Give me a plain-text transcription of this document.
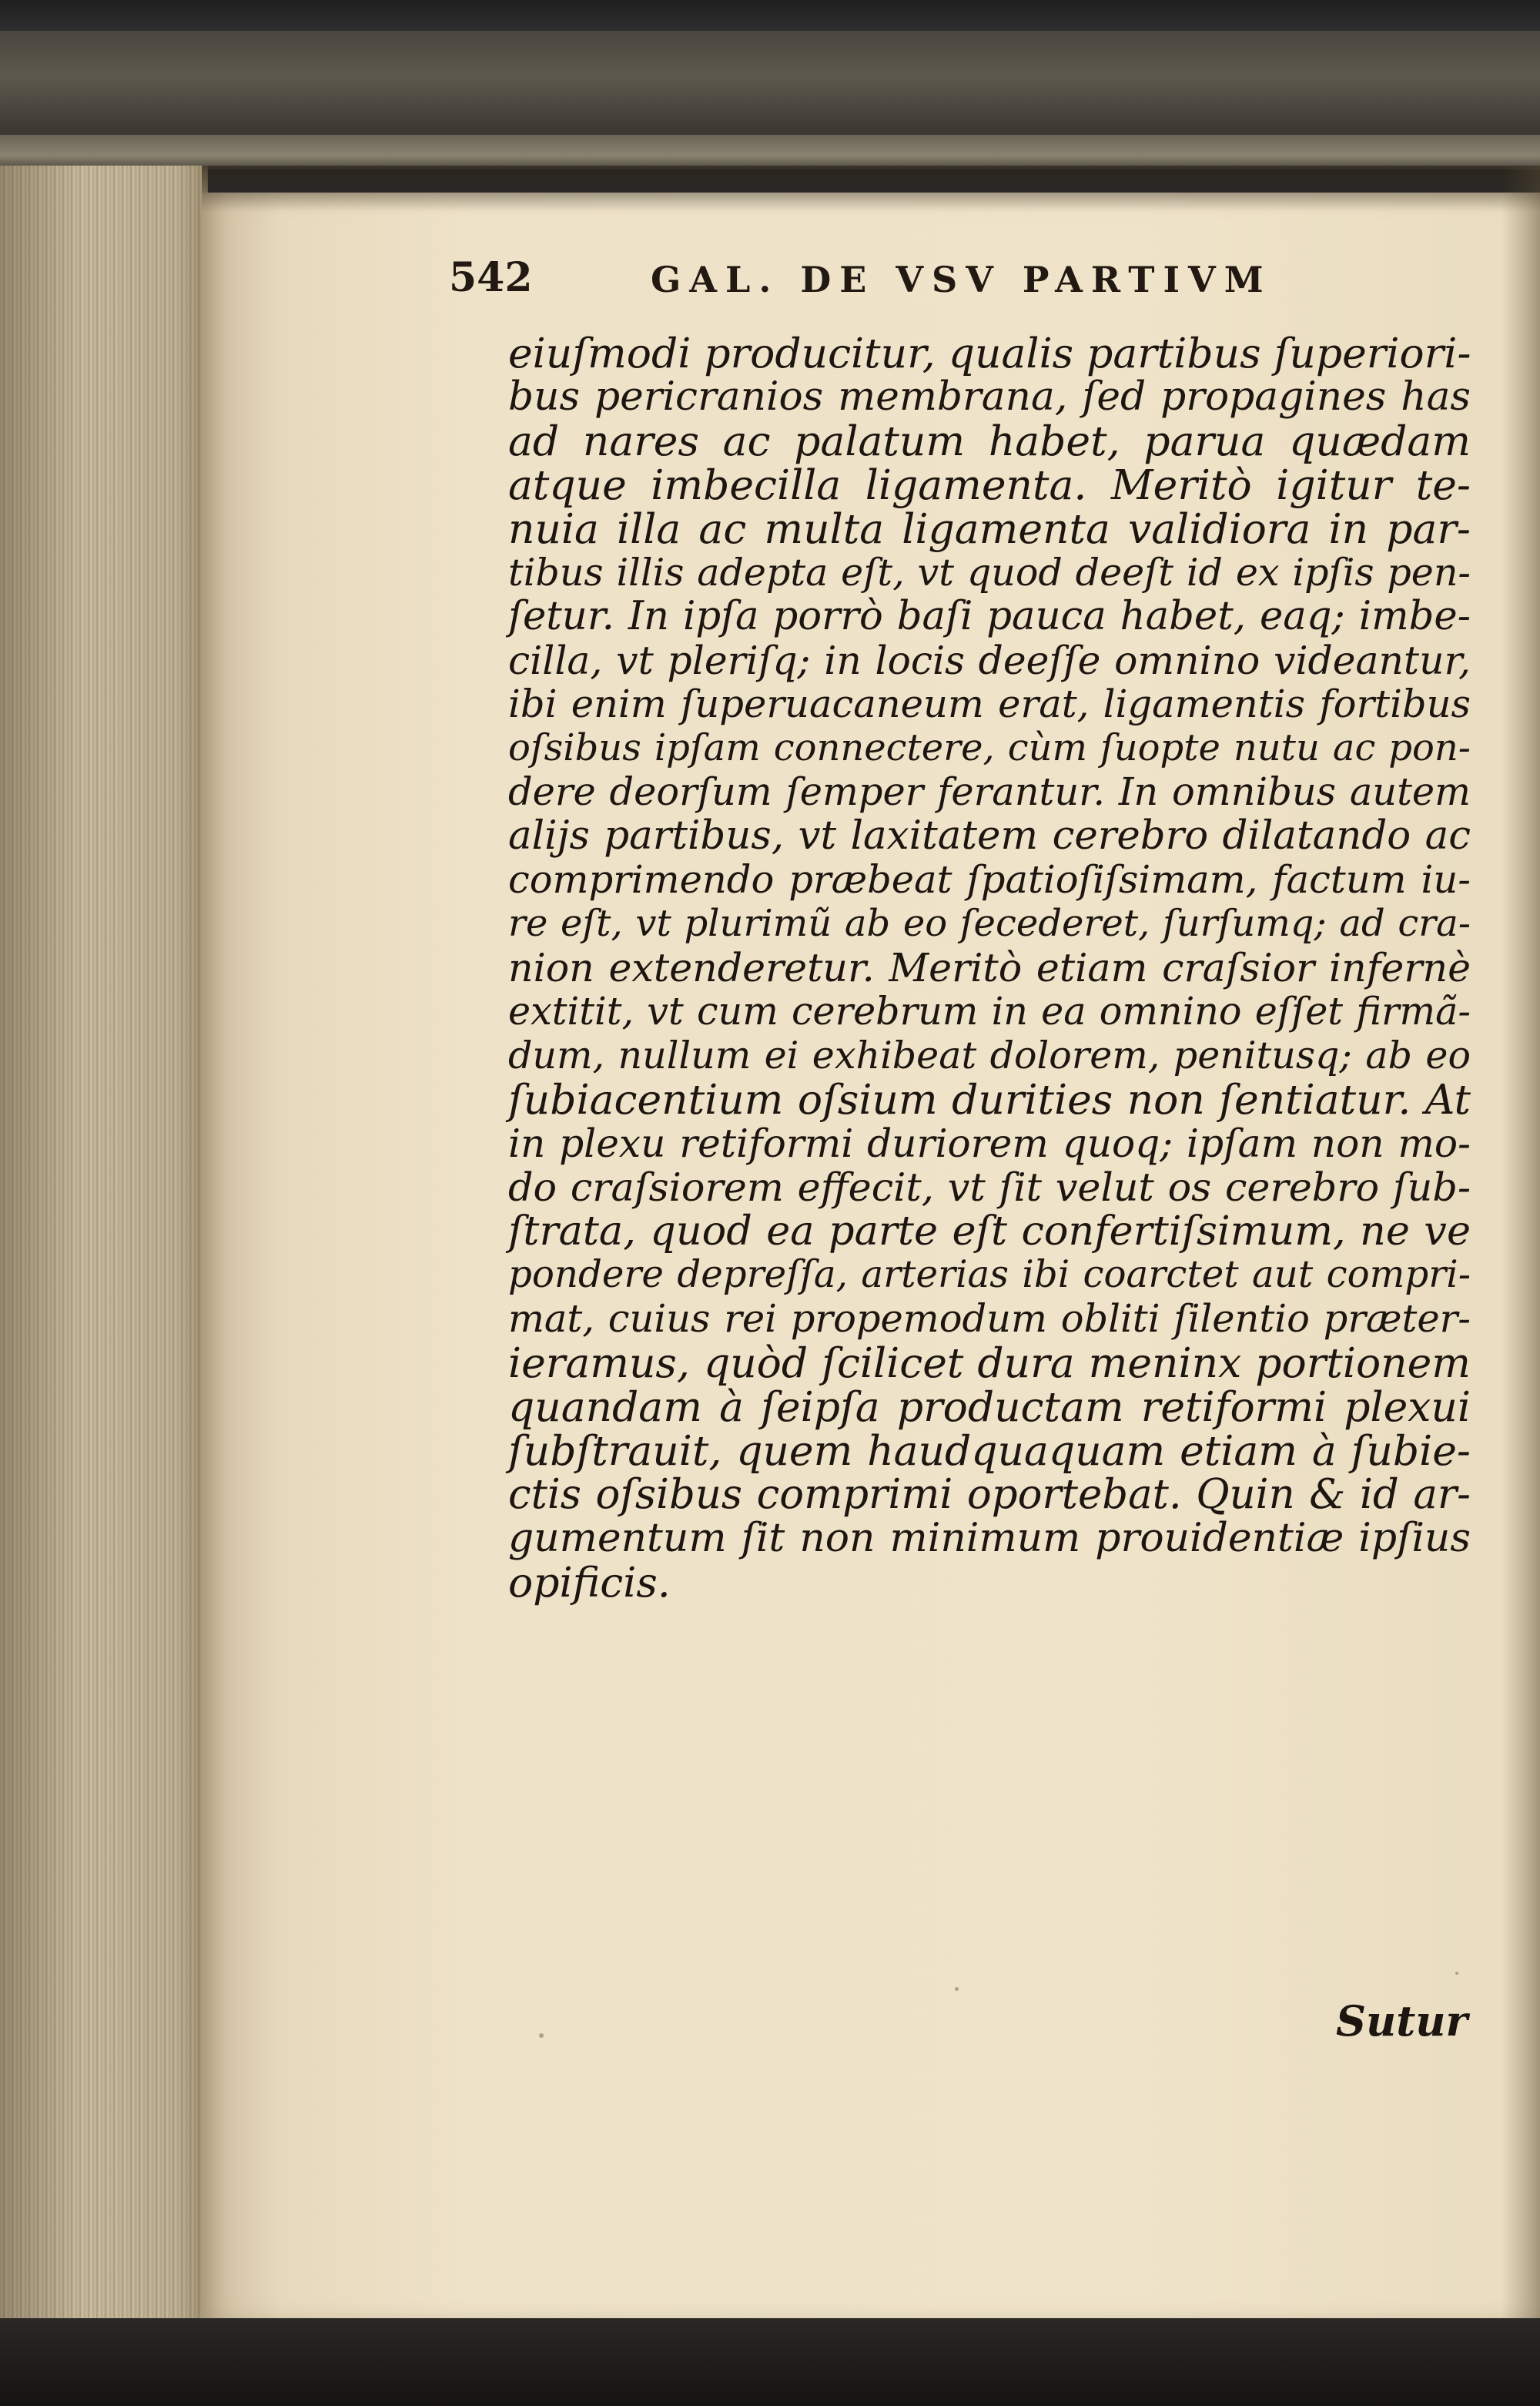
542	GAL. DE VSV PARTIVM
eiuſmodi producitur, qualis partibus ſuperiori-
bus pericranios membrana, ſed propagines has
ad nares ac palatum habet, parua quædam
atque imbecilla ligamenta. Meritò igitur te-
nuia illa ac multa ligamenta validiora in par-
tibus illis adepta eſt, vt quod deeſt id ex ipſis pen-
ſetur. In ipſa porrò baſi pauca habet, eaq; imbe-
cilla, vt pleriſq; in locis deeſſe omnino videantur,
ibi enim ſuperuacaneum erat, ligamentis fortibus
oſsibus ipſam connectere, cùm ſuopte nutu ac pon-
dere deorſum ſemper ferantur. In omnibus autem
alijs partibus, vt laxitatem cerebro dilatando ac
comprimendo præbeat ſpatioſiſsimam, factum iu-
re eſt, vt plurimũ ab eo ſecederet, ſurſumq; ad cra-
nion extenderetur. Meritò etiam craſsior infernè
extitit, vt cum cerebrum in ea omnino eſſet firmã-
dum, nullum ei exhibeat dolorem, penitusq; ab eo
ſubiacentium oſsium durities non ſentiatur. At
in plexu retiformi duriorem quoq; ipſam non mo-
do craſsiorem effecit, vt ſit velut os cerebro ſub-
ſtrata, quod ea parte eſt confertiſsimum, ne ve
pondere depreſſa, arterias ibi coarctet aut compri-
mat, cuius rei propemodum obliti ſilentio præter-
ieramus, quòd ſcilicet dura meninx portionem
quandam à ſeipſa productam retiformi plexui
ſubſtrauit, quem haudquaquam etiam à ſubie-
ctis oſsibus comprimi oportebat. Quin & id ar-
gumentum ſit non minimum prouidentiæ ipſius
opificis.
Sutur
